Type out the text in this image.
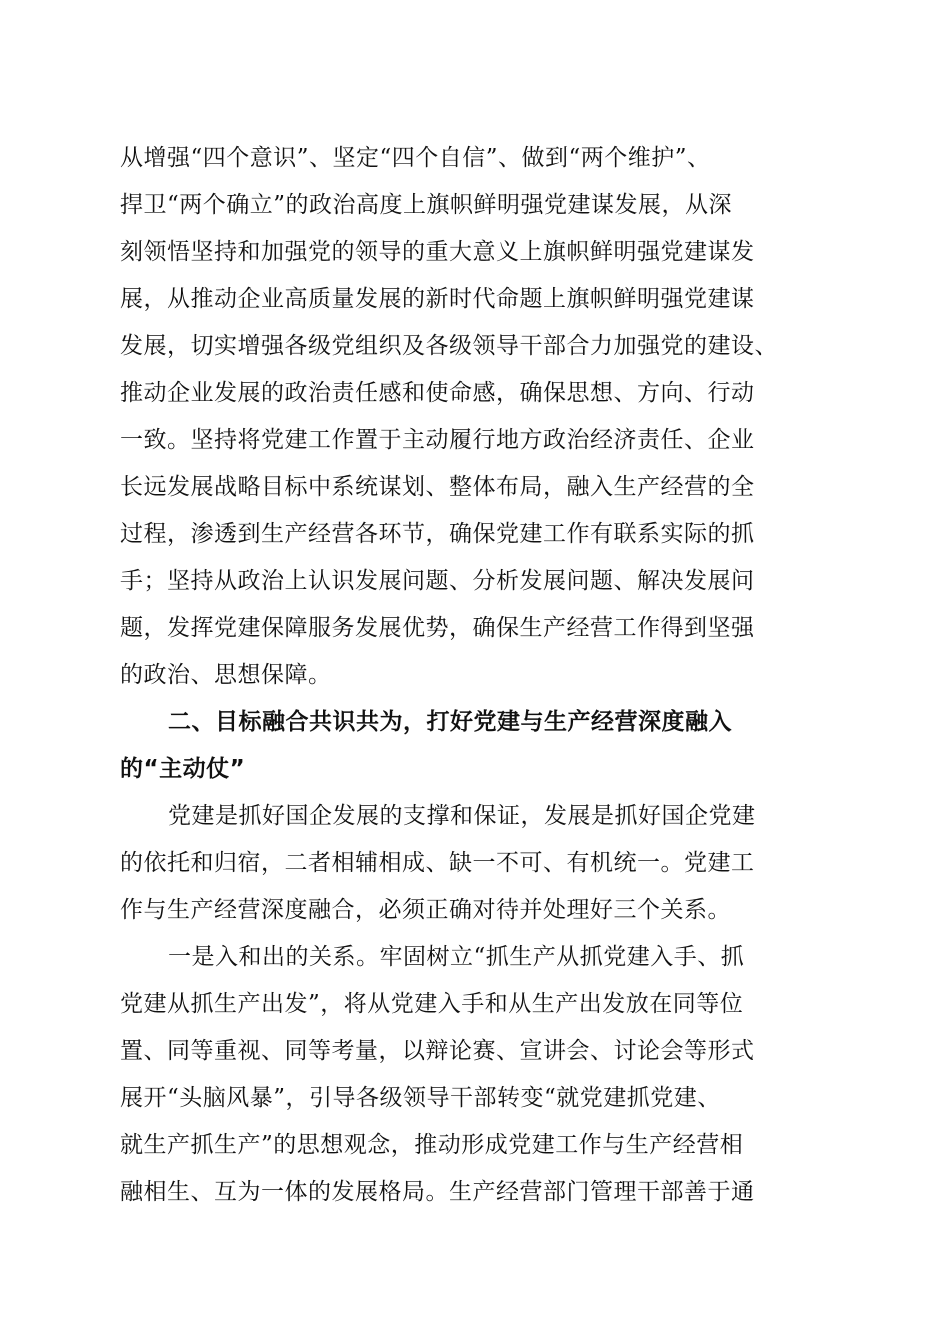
从增强“四个意识”、坚定“四个自信”、做到“两个维护”、
捍卫“两个确立”的政治高度上旗帜鲜明强党建谋发展，从深
刻领悟坚持和加强党的领导的重大意义上旗帜鲜明强党建谋发
展，从推动企业高质量发展的新时代命题上旗帜鲜明强党建谋
发展，切实增强各级党组织及各级领导干部合力加强党的建设、
推动企业发展的政治责任感和使命感，确保思想、方向、行动
一致。坚持将党建工作置于主动履行地方政治经济责任、企业
长远发展战略目标中系统谋划、整体布局，融入生产经营的全
过程，渗透到生产经营各环节，确保党建工作有联系实际的抓
手；坚持从政治上认识发展问题、分析发展问题、解决发展问
题，发挥党建保障服务发展优势，确保生产经营工作得到坚强
的政治、思想保障。
二、目标融合共识共为，打好党建与生产经营深度融入
的“主动仗”
党建是抓好国企发展的支撑和保证，发展是抓好国企党建
的依托和归宿，二者相辅相成、缺一不可、有机统一。党建工
作与生产经营深度融合，必须正确对待并处理好三个关系。
一是入和出的关系。牢固树立“抓生产从抓党建入手、抓
党建从抓生产出发”，将从党建入手和从生产出发放在同等位
置、同等重视、同等考量，以辩论赛、宣讲会、讨论会等形式
展开“头脑风暴”，引导各级领导干部转变“就党建抓党建、
就生产抓生产”的思想观念，推动形成党建工作与生产经营相
融相生、互为一体的发展格局。生产经营部门管理干部善于通
